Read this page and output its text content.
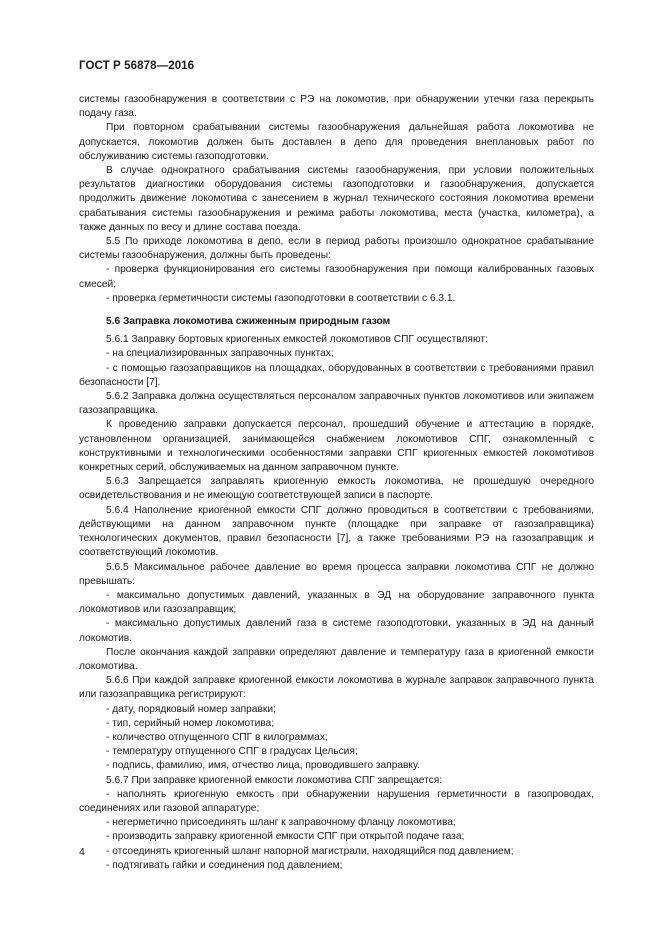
ГОСТ Р 56878—2016

системы газообнаружения в соответствии с РЭ на локомотив, при обнаружении утечки газа перекрыть подачу газа.

При повторном срабатывании системы газообнаружения дальнейшая работа локомотива не допускается, локомотив должен быть доставлен в депо для проведения внеплановых работ по обслуживанию системы газоподготовки.

В случае однократного срабатывания системы газообнаружения, при условии положительных результатов диагностики оборудования системы газоподготовки и газообнаружения, допускается продолжить движение локомотива с занесением в журнал технического состояния локомотива времени срабатывания системы газообнаружения и режима работы локомотива, места (участка, километра), а также данных по весу и длине состава поезда.

5.5 По приходе локомотива в депо, если в период работы произошло однократное срабатывание системы газообнаружения, должны быть проведены:

- проверка функционирования его системы газообнаружения при помощи калиброванных газовых смесей;

- проверка герметичности системы газоподготовки в соответствии с 6.3.1.

5.6 Заправка локомотива сжиженным природным газом

5.6.1 Заправку бортовых криогенных емкостей локомотивов СПГ осуществляют:

- на специализированных заправочных пунктах;

- с помощью газозаправщиков на площадках, оборудованных в соответствии с требованиями правил безопасности [7].

5.6.2 Заправка должна осуществляться персоналом заправочных пунктов локомотивов или экипажем газозаправщика.

К проведению заправки допускается персонал, прошедший обучение и аттестацию в порядке, установленном организацией, занимающейся снабжением локомотивов СПГ, ознакомленный с конструктивными и технологическими особенностями заправки СПГ криогенных емкостей локомотивов конкретных серий, обслуживаемых на данном заправочном пункте.

5.6.3 Запрещается заправлять криогенную емкость локомотива, не прошедшую очередного освидетельствования и не имеющую соответствующей записи в паспорте.

5.6.4 Наполнение криогенной емкости СПГ должно проводиться в соответствии с требованиями, действующими на данном заправочном пункте (площадке при заправке от газозаправщика) технологических документов, правил безопасности [7], а также требованиями РЭ на газозаправщик и соответствующий локомотив.

5.6.5 Максимальное рабочее давление во время процесса заправки локомотива СПГ не должно превышать:

- максимально допустимых давлений, указанных в ЭД на оборудование заправочного пункта локомотивов или газозаправщик;

- максимально допустимых давлений газа в системе газоподготовки, указанных в ЭД на данный локомотив.

После окончания каждой заправки определяют давление и температуру газа в криогенной емкости локомотива.

5.6.6 При каждой заправке криогенной емкости локомотива в журнале заправок заправочного пункта или газозаправщика регистрируют:

- дату, порядковый номер заправки;

- тип, серийный номер локомотива;

- количество отпущенного СПГ в килограммах;

- температуру отпущенного СПГ в градусах Цельсия;

- подпись, фамилию, имя, отчество лица, проводившего заправку.

5.6.7 При заправке криогенной емкости локомотива СПГ запрещается:

- наполнять криогенную емкость при обнаружении нарушения герметичности в газопроводах, соединениях или газовой аппаратуре;

- негерметично присоединять шланг к заправочному фланцу локомотива;

- производить заправку криогенной емкости СПГ при открытой подаче газа;

- отсоединять криогенный шланг напорной магистрали, находящийся под давлением;

- подтягивать гайки и соединения под давлением;

4
